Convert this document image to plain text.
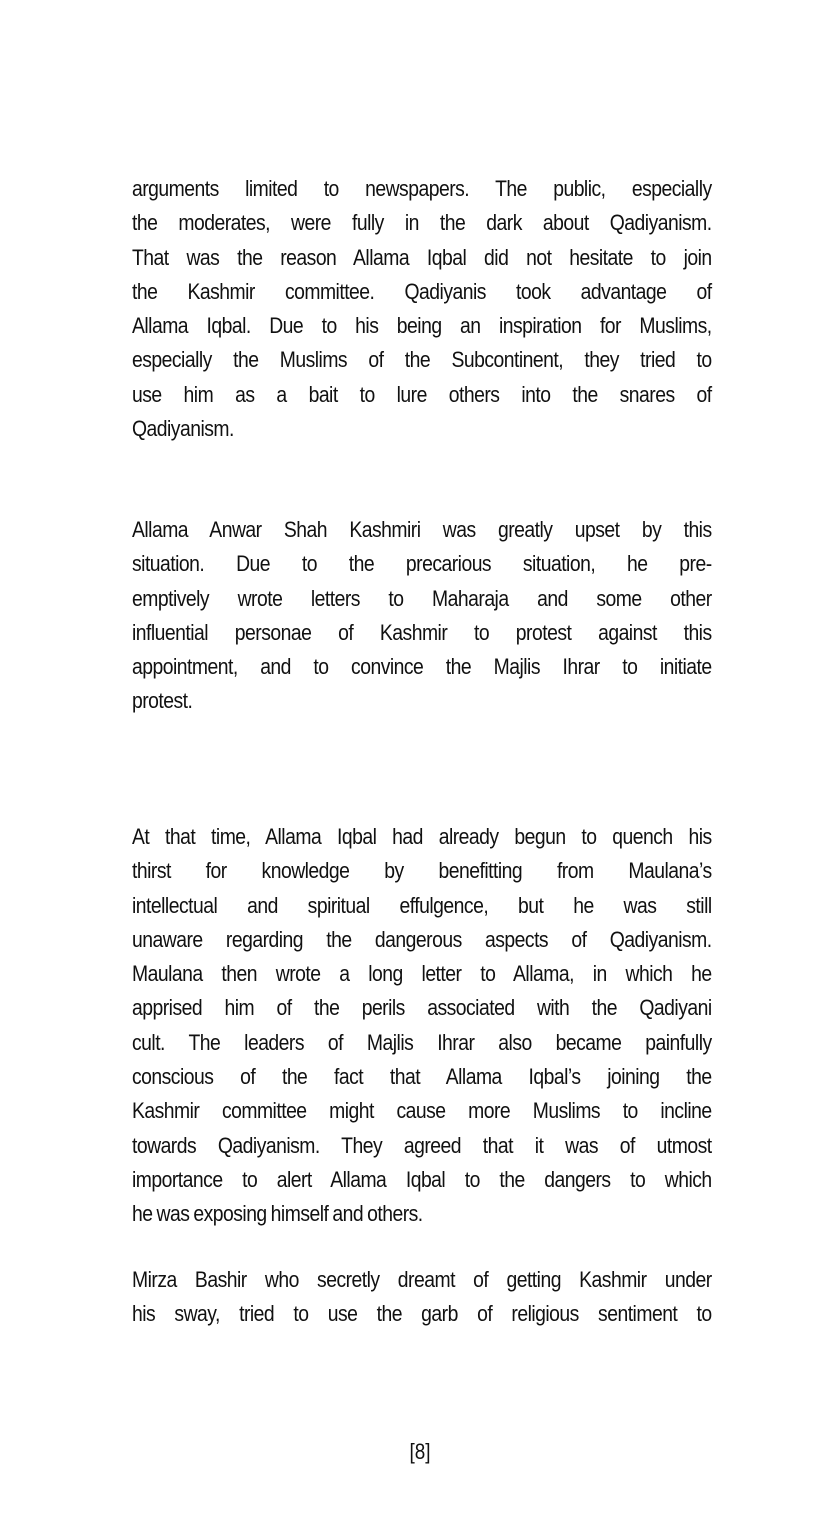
arguments limited to newspapers. The public, especially
the moderates, were fully in the dark about Qadiyanism.
That was the reason Allama Iqbal did not hesitate to join
the Kashmir committee. Qadiyanis took advantage of
Allama Iqbal. Due to his being an inspiration for Muslims,
especially the Muslims of the Subcontinent, they tried to
use him as a bait to lure others into the snares of
Qadiyanism.
Allama Anwar Shah Kashmiri was greatly upset by this
situation. Due to the precarious situation, he pre-
emptively wrote letters to Maharaja and some other
influential personae of Kashmir to protest against this
appointment, and to convince the Majlis Ihrar to initiate
protest.
At that time, Allama Iqbal had already begun to quench his
thirst for knowledge by benefitting from Maulana’s
intellectual and spiritual effulgence, but he was still
unaware regarding the dangerous aspects of Qadiyanism.
Maulana then wrote a long letter to Allama, in which he
apprised him of the perils associated with the Qadiyani
cult. The leaders of Majlis Ihrar also became painfully
conscious of the fact that Allama Iqbal’s joining the
Kashmir committee might cause more Muslims to incline
towards Qadiyanism. They agreed that it was of utmost
importance to alert Allama Iqbal to the dangers to which
he was exposing himself and others.
Mirza Bashir who secretly dreamt of getting Kashmir under
his sway, tried to use the garb of religious sentiment to
[8]
